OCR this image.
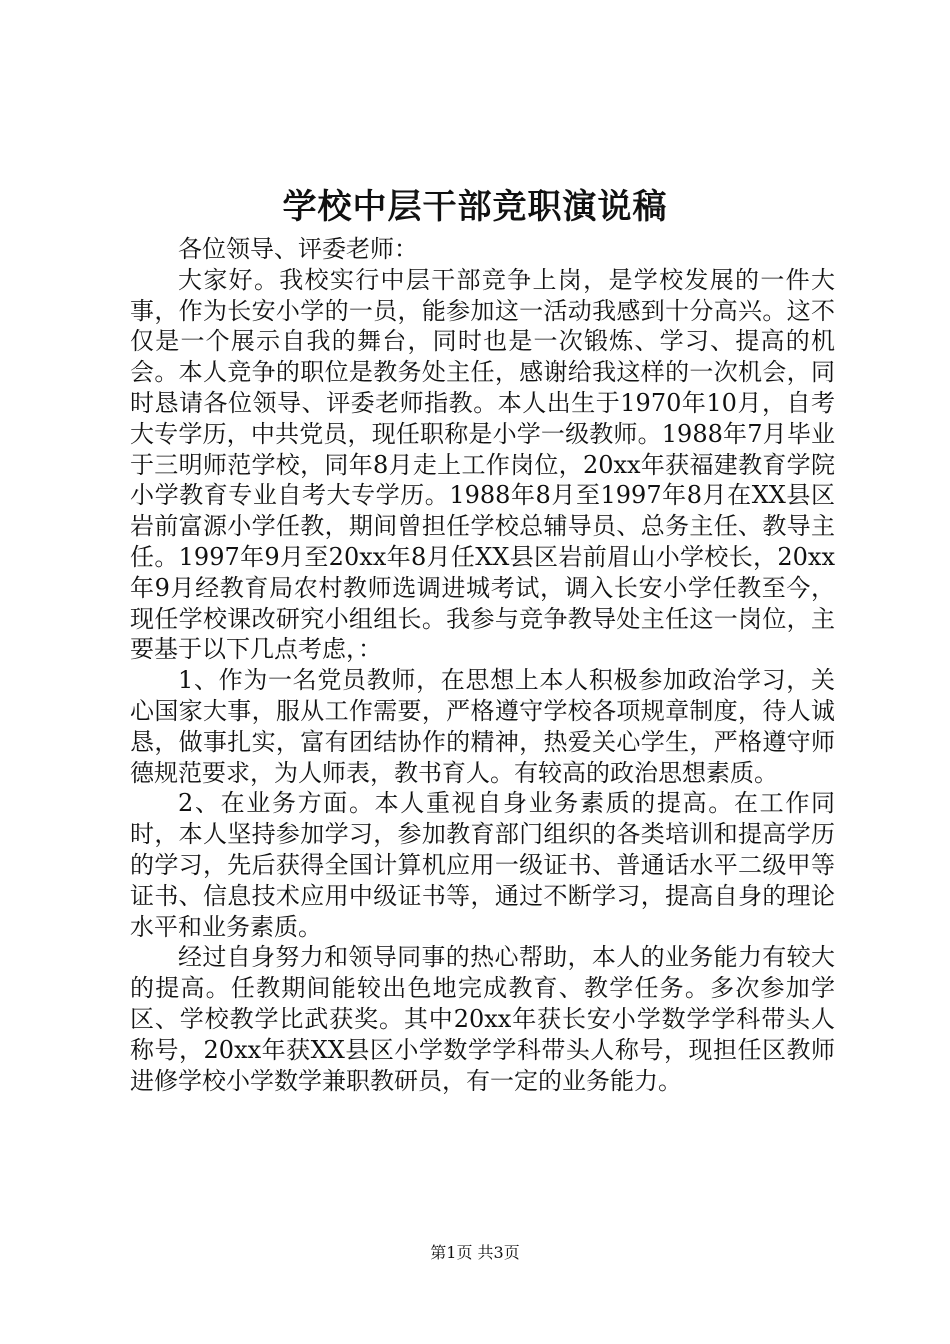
学校中层干部竞职演说稿

各位领导、评委老师：

大家好。我校实行中层干部竞争上岗，是学校发展的一件大事，作为长安小学的一员，能参加这一活动我感到十分高兴。这不仅是一个展示自我的舞台，同时也是一次锻炼、学习、提高的机会。本人竞争的职位是教务处主任，感谢给我这样的一次机会，同时恳请各位领导、评委老师指教。本人出生于1970年10月，自考大专学历，中共党员，现任职称是小学一级教师。1988年7月毕业于三明师范学校，同年8月走上工作岗位，20xx年获福建教育学院小学教育专业自考大专学历。1988年8月至1997年8月在XX县区岩前富源小学任教，期间曾担任学校总辅导员、总务主任、教导主任。1997年9月至20xx年8月任XX县区岩前眉山小学校长，20xx年9月经教育局农村教师选调进城考试，调入长安小学任教至今，现任学校课改研究小组组长。我参与竞争教导处主任这一岗位，主要基于以下几点考虑，：

1、作为一名党员教师，在思想上本人积极参加政治学习，关心国家大事，服从工作需要，严格遵守学校各项规章制度，待人诚恳，做事扎实，富有团结协作的精神，热爱关心学生，严格遵守师德规范要求，为人师表，教书育人。有较高的政治思想素质。

2、在业务方面。本人重视自身业务素质的提高。在工作同时，本人坚持参加学习，参加教育部门组织的各类培训和提高学历的学习，先后获得全国计算机应用一级证书、普通话水平二级甲等证书、信息技术应用中级证书等，通过不断学习，提高自身的理论水平和业务素质。

经过自身努力和领导同事的热心帮助，本人的业务能力有较大的提高。任教期间能较出色地完成教育、教学任务。多次参加学区、学校教学比武获奖。其中20xx年获长安小学数学学科带头人称号，20xx年获XX县区小学数学学科带头人称号，现担任区教师进修学校小学数学兼职教研员，有一定的业务能力。

第1页 共3页
